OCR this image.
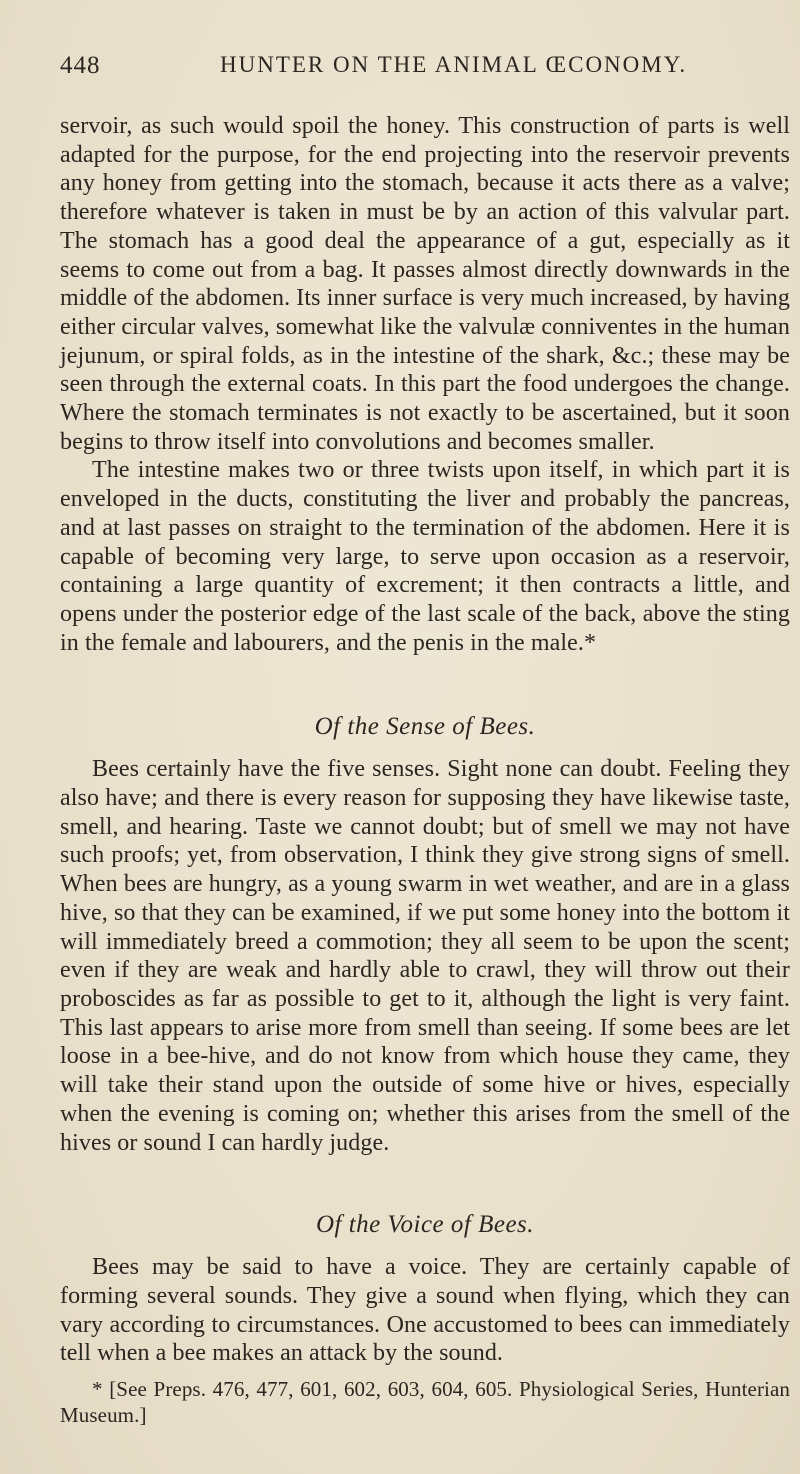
448	HUNTER ON THE ANIMAL ŒCONOMY.

servoir, as such would spoil the honey. This construction of parts is well adapted for the purpose, for the end projecting into the reservoir prevents any honey from getting into the stomach, because it acts there as a valve; therefore whatever is taken in must be by an action of this valvular part. The stomach has a good deal the appearance of a gut, especially as it seems to come out from a bag. It passes almost directly downwards in the middle of the abdomen. Its inner surface is very much increased, by having either circular valves, somewhat like the valvulæ conniventes in the human jejunum, or spiral folds, as in the intestine of the shark, &c.; these may be seen through the external coats. In this part the food undergoes the change. Where the stomach terminates is not exactly to be ascertained, but it soon begins to throw itself into convolutions and becomes smaller.

The intestine makes two or three twists upon itself, in which part it is enveloped in the ducts, constituting the liver and probably the pancreas, and at last passes on straight to the termination of the abdomen. Here it is capable of becoming very large, to serve upon occasion as a reservoir, containing a large quantity of excrement; it then contracts a little, and opens under the posterior edge of the last scale of the back, above the sting in the female and labourers, and the penis in the male.*

Of the Sense of Bees.

Bees certainly have the five senses. Sight none can doubt. Feeling they also have; and there is every reason for supposing they have likewise taste, smell, and hearing. Taste we cannot doubt; but of smell we may not have such proofs; yet, from observation, I think they give strong signs of smell. When bees are hungry, as a young swarm in wet weather, and are in a glass hive, so that they can be examined, if we put some honey into the bottom it will immediately breed a commotion; they all seem to be upon the scent; even if they are weak and hardly able to crawl, they will throw out their proboscides as far as possible to get to it, although the light is very faint. This last appears to arise more from smell than seeing. If some bees are let loose in a bee-hive, and do not know from which house they came, they will take their stand upon the outside of some hive or hives, especially when the evening is coming on; whether this arises from the smell of the hives or sound I can hardly judge.

Of the Voice of Bees.

Bees may be said to have a voice. They are certainly capable of forming several sounds. They give a sound when flying, which they can vary according to circumstances. One accustomed to bees can immediately tell when a bee makes an attack by the sound.

* [See Preps. 476, 477, 601, 602, 603, 604, 605. Physiological Series, Hunterian Museum.]
